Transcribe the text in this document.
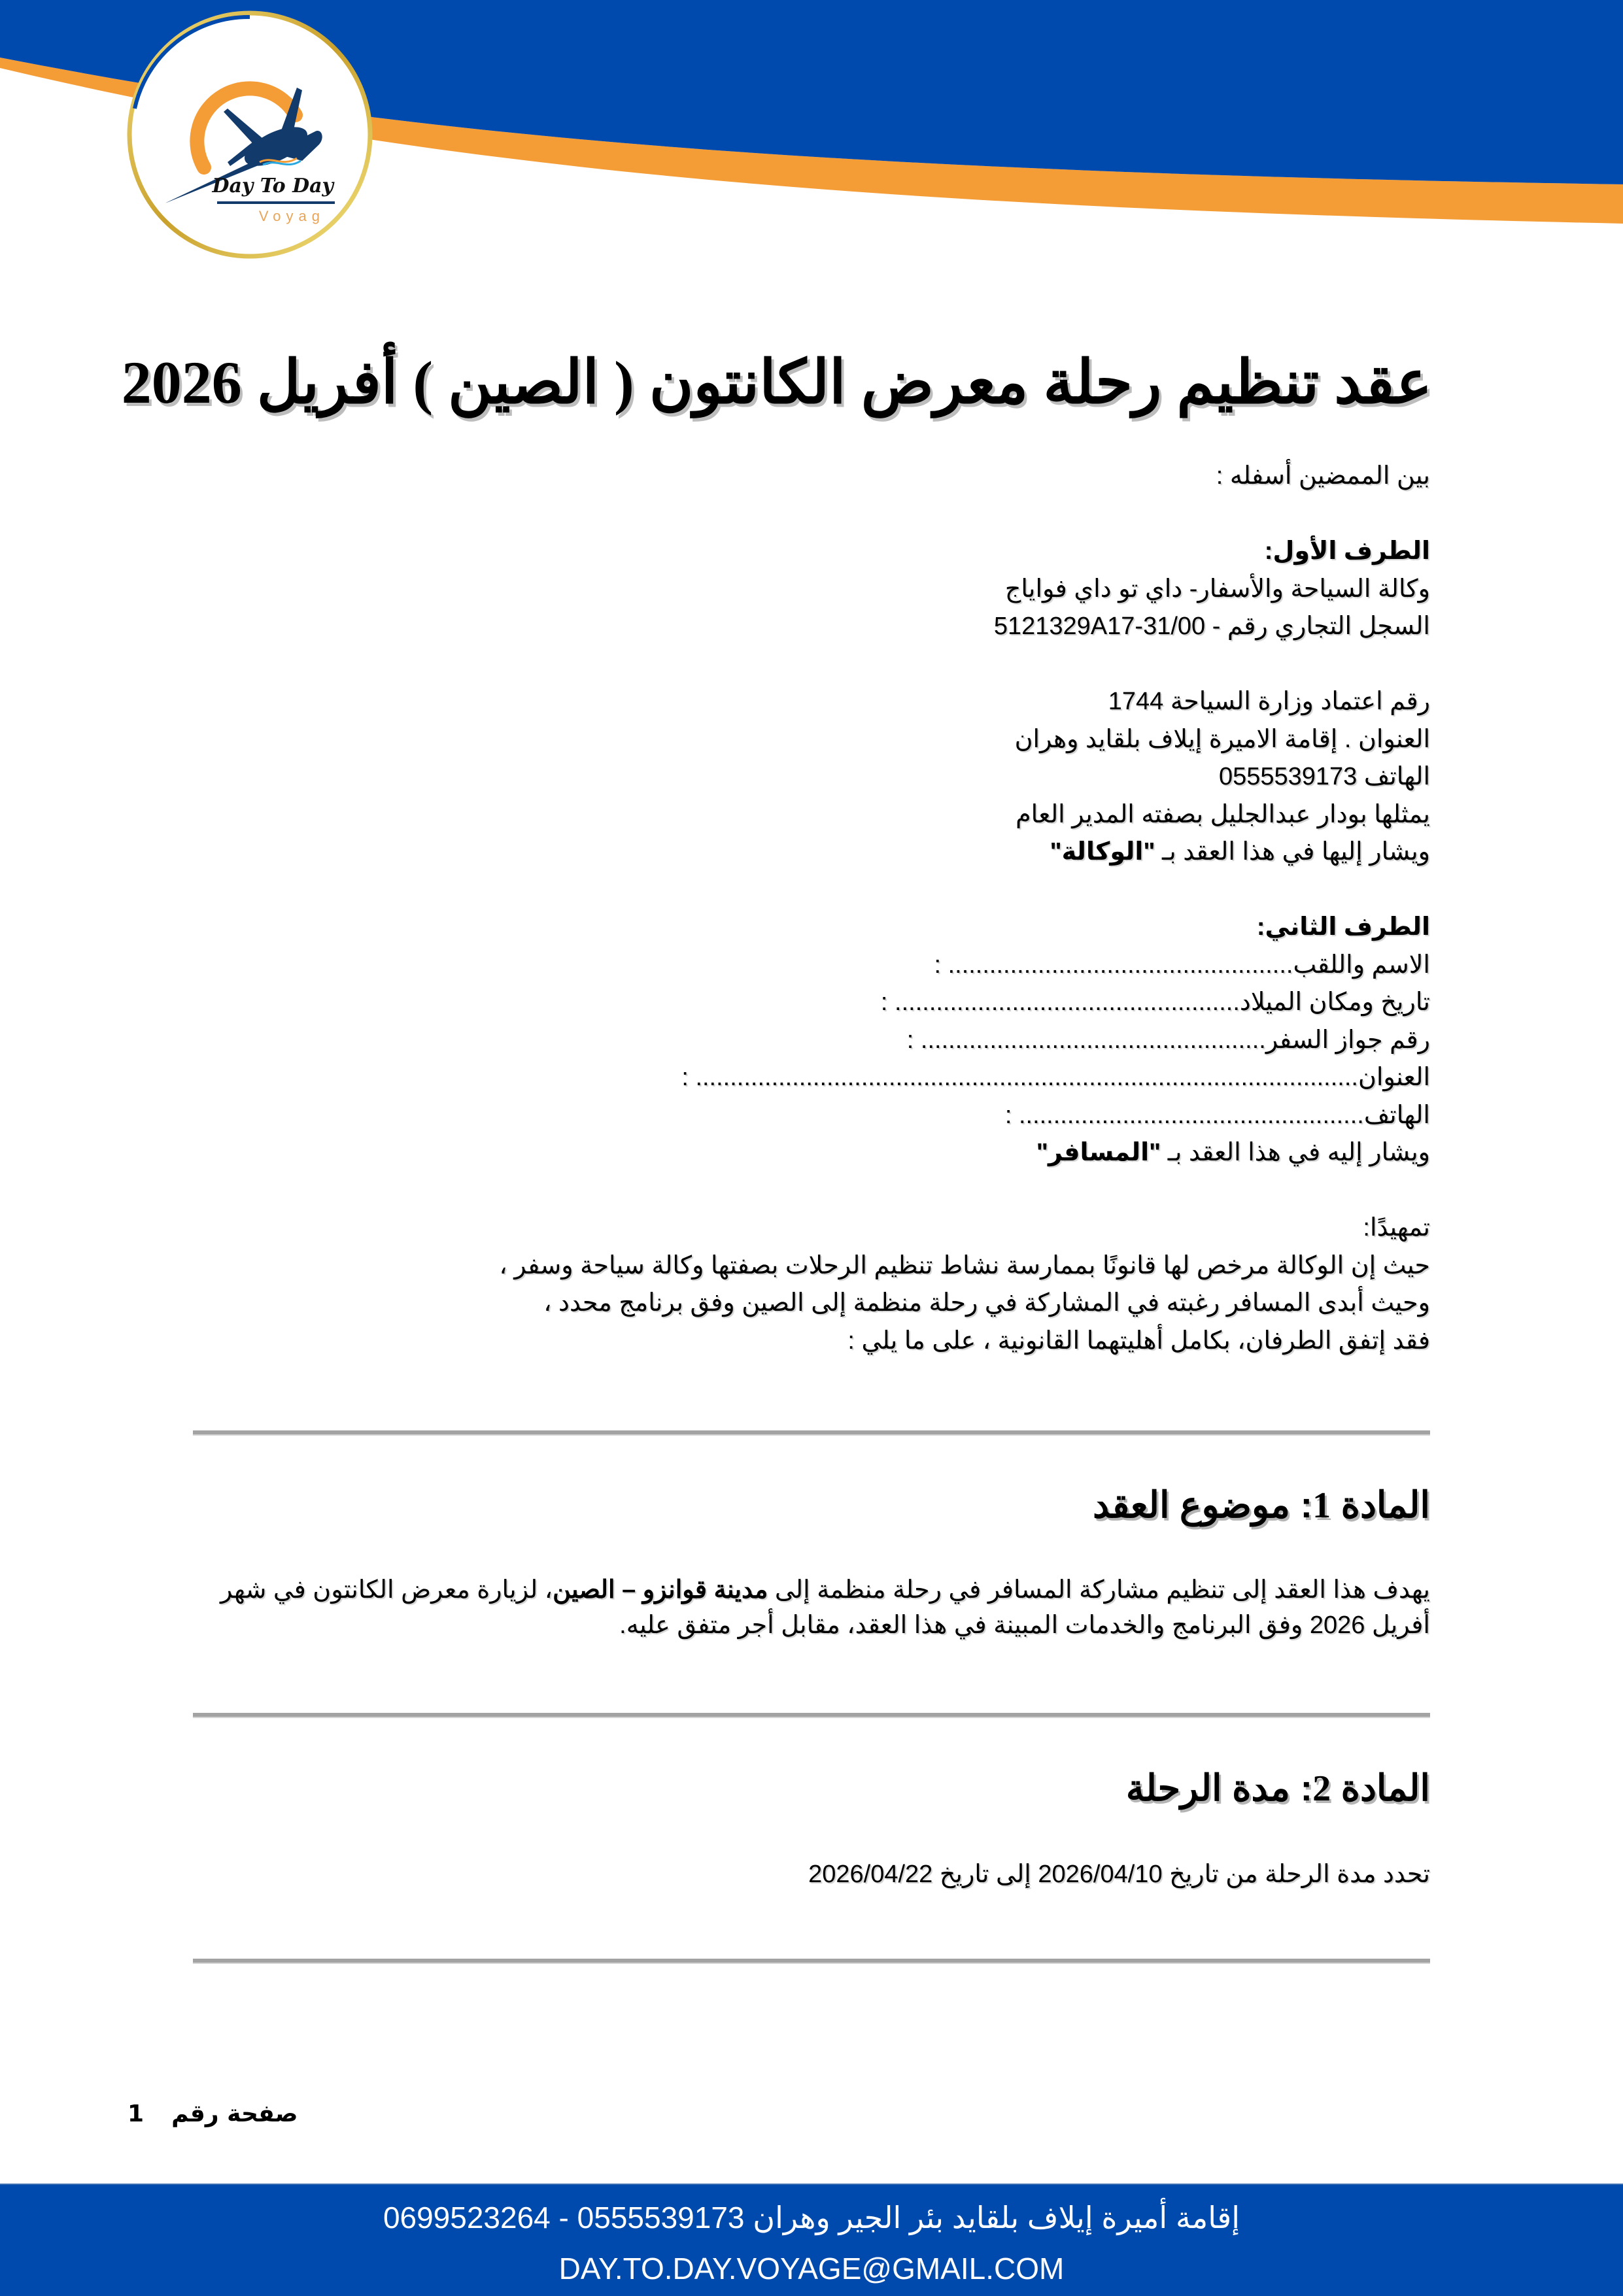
Day To Day
Voyag
عقد تنظيم رحلة معرض الكانتون ( الصين ) أفريل 2026
بين الممضين أسفله :
الطرف الأول:
وكالة السياحة والأسفار- داي تو داي فواياج
السجل التجاري رقم - 31/00-5121329A17
رقم اعتماد وزارة السياحة 1744
العنوان . إقامة الاميرة إيلاف بلقايد وهران
الهاتف 0555539173
يمثلها بودار عبدالجليل بصفته المدير العام
ويشار إليها في هذا العقد بـ "الوكالة"
الطرف الثاني:
الاسم واللقب.................................................. :
تاريخ ومكان الميلاد.................................................. :
رقم جواز السفر.................................................. :
العنوان................................................................................................ :
الهاتف.................................................. :
ويشار إليه في هذا العقد بـ "المسافر"
تمهيدًا:
حيث إن الوكالة مرخص لها قانونًا بممارسة نشاط تنظيم الرحلات بصفتها وكالة سياحة وسفر ،
وحيث أبدى المسافر رغبته في المشاركة في رحلة منظمة إلى الصين وفق برنامج محدد ،
فقد إتفق الطرفان، بكامل أهليتهما القانونية ، على ما يلي :
المادة 1: موضوع العقد
يهدف هذا العقد إلى تنظيم مشاركة المسافر في رحلة منظمة إلى مدينة قوانزو – الصين، لزيارة معرض الكانتون في شهر أفريل 2026 وفق البرنامج والخدمات المبينة في هذا العقد، مقابل أجر متفق عليه.
المادة 2: مدة الرحلة
تحدد مدة الرحلة من تاريخ 2026/04/10 إلى تاريخ 2026/04/22
صفحة رقم1
إقامة أميرة إيلاف بلقايد بئر الجير وهران 0555539173 - 0699523264
DAY.TO.DAY.VOYAGE@GMAIL.COM
